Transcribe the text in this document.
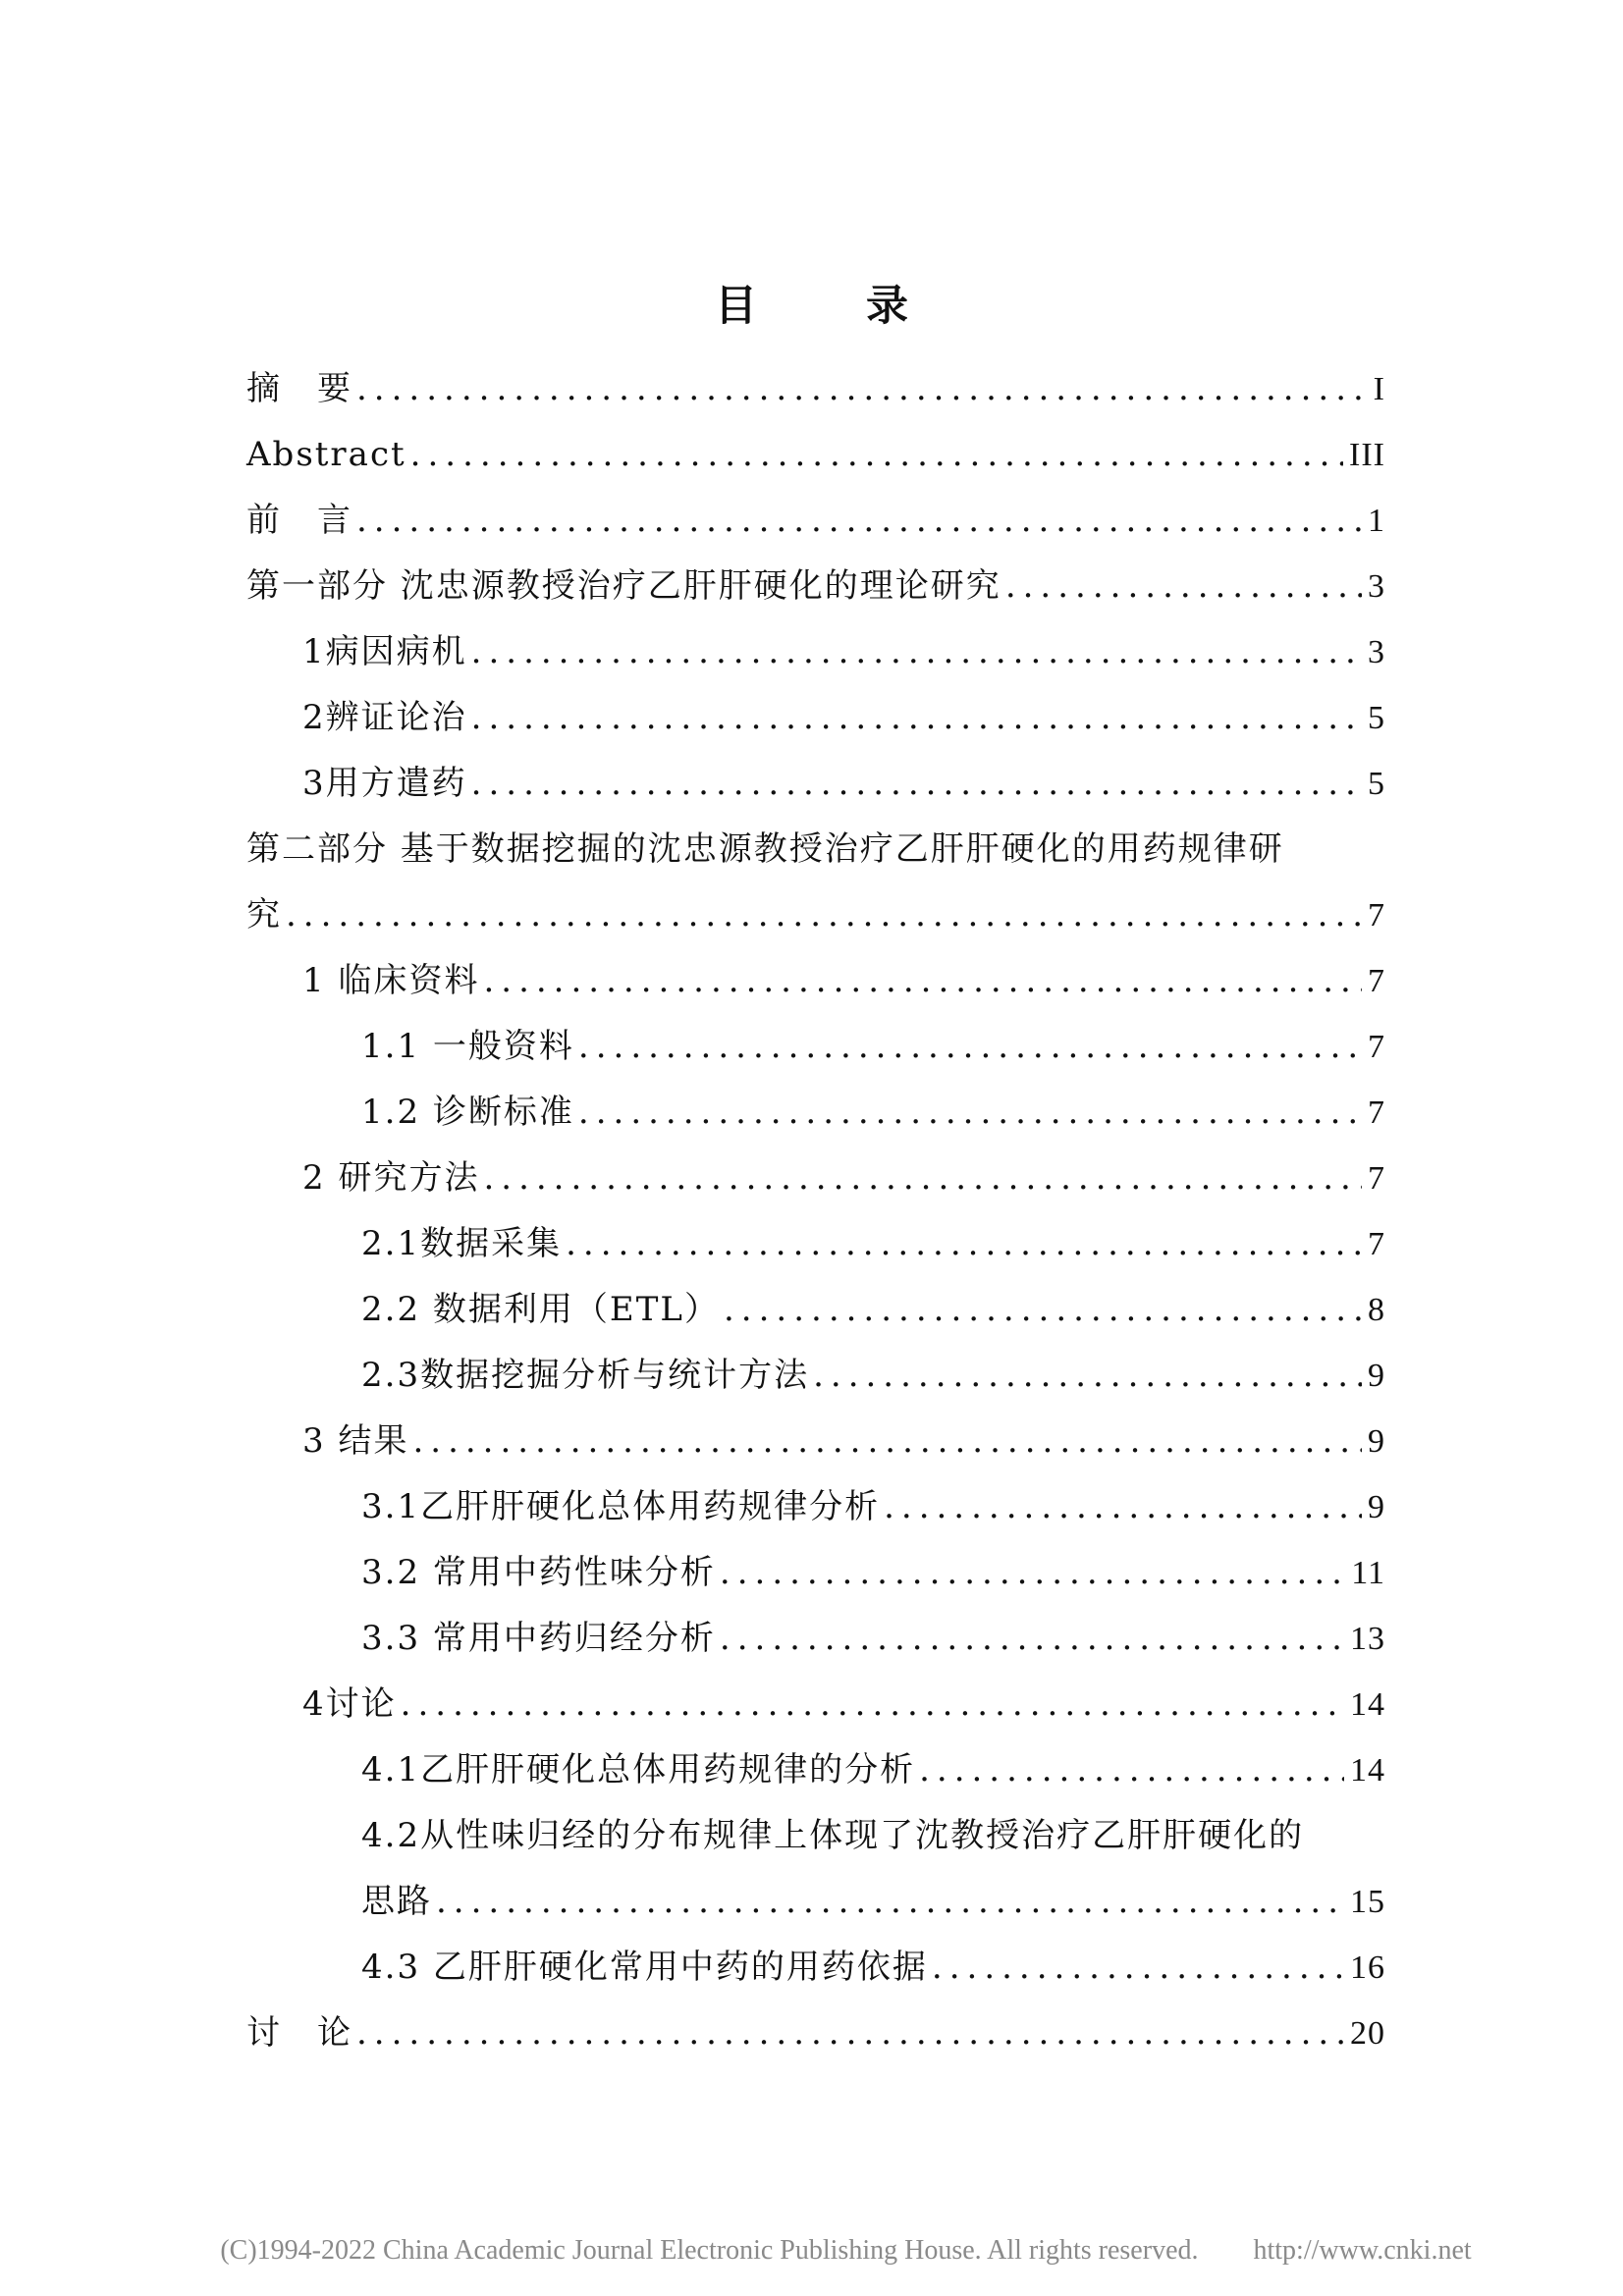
目　录
摘　要 .....	I
Abstract .....	III
前　言 .....	1
第一部分 沈忠源教授治疗乙肝肝硬化的理论研究 .....	3
1病因病机 .....	3
2辨证论治 .....	5
3用方遣药 .....	5
第二部分 基于数据挖掘的沈忠源教授治疗乙肝肝硬化的用药规律研
究 .....	7
1 临床资料 .....	7
1.1 一般资料 .....	7
1.2 诊断标准 .....	7
2 研究方法 .....	7
2.1数据采集 .....	7
2.2 数据利用（ETL） .....	8
2.3数据挖掘分析与统计方法 .....	9
3 结果 .....	9
3.1乙肝肝硬化总体用药规律分析 .....	9
3.2 常用中药性味分析 .....	11
3.3 常用中药归经分析 .....	13
4讨论 .....	14
4.1乙肝肝硬化总体用药规律的分析 .....	14
4.2从性味归经的分布规律上体现了沈教授治疗乙肝肝硬化的
思路 .....	15
4.3 乙肝肝硬化常用中药的用药依据 .....	16
讨　论 .....	20
(C)1994-2022 China Academic Journal Electronic Publishing House. All rights reserved.　　http://www.cnki.net
